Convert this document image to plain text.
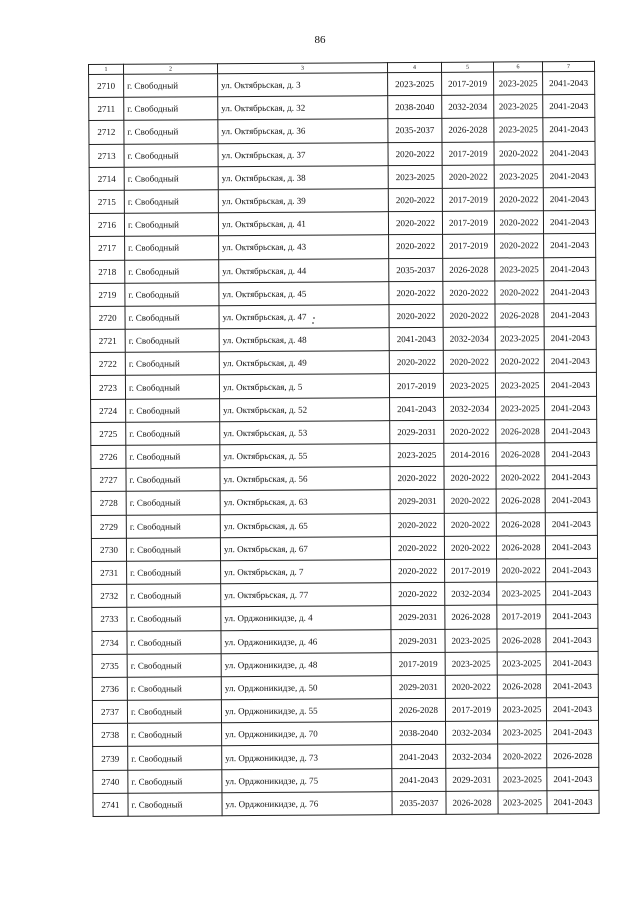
86
1	2	3	4	5	6	7
2710	г. Свободный	ул. Октябрьская, д. 3	2023-2025	2017-2019	2023-2025	2041-2043
2711	г. Свободный	ул. Октябрьская, д. 32	2038-2040	2032-2034	2023-2025	2041-2043
2712	г. Свободный	ул. Октябрьская, д. 36	2035-2037	2026-2028	2023-2025	2041-2043
2713	г. Свободный	ул. Октябрьская, д. 37	2020-2022	2017-2019	2020-2022	2041-2043
2714	г. Свободный	ул. Октябрьская, д. 38	2023-2025	2020-2022	2023-2025	2041-2043
2715	г. Свободный	ул. Октябрьская, д. 39	2020-2022	2017-2019	2020-2022	2041-2043
2716	г. Свободный	ул. Октябрьская, д. 41	2020-2022	2017-2019	2020-2022	2041-2043
2717	г. Свободный	ул. Октябрьская, д. 43	2020-2022	2017-2019	2020-2022	2041-2043
2718	г. Свободный	ул. Октябрьская, д. 44	2035-2037	2026-2028	2023-2025	2041-2043
2719	г. Свободный	ул. Октябрьская, д. 45	2020-2022	2020-2022	2020-2022	2041-2043
2720	г. Свободный	ул. Октябрьская, д. 47	2020-2022	2020-2022	2026-2028	2041-2043
2721	г. Свободный	ул. Октябрьская, д. 48	2041-2043	2032-2034	2023-2025	2041-2043
2722	г. Свободный	ул. Октябрьская, д. 49	2020-2022	2020-2022	2020-2022	2041-2043
2723	г. Свободный	ул. Октябрьская, д. 5	2017-2019	2023-2025	2023-2025	2041-2043
2724	г. Свободный	ул. Октябрьская, д. 52	2041-2043	2032-2034	2023-2025	2041-2043
2725	г. Свободный	ул. Октябрьская, д. 53	2029-2031	2020-2022	2026-2028	2041-2043
2726	г. Свободный	ул. Октябрьская, д. 55	2023-2025	2014-2016	2026-2028	2041-2043
2727	г. Свободный	ул. Октябрьская, д. 56	2020-2022	2020-2022	2020-2022	2041-2043
2728	г. Свободный	ул. Октябрьская, д. 63	2029-2031	2020-2022	2026-2028	2041-2043
2729	г. Свободный	ул. Октябрьская, д. 65	2020-2022	2020-2022	2026-2028	2041-2043
2730	г. Свободный	ул. Октябрьская, д. 67	2020-2022	2020-2022	2026-2028	2041-2043
2731	г. Свободный	ул. Октябрьская, д. 7	2020-2022	2017-2019	2020-2022	2041-2043
2732	г. Свободный	ул. Октябрьская, д. 77	2020-2022	2032-2034	2023-2025	2041-2043
2733	г. Свободный	ул. Орджоникидзе, д. 4	2029-2031	2026-2028	2017-2019	2041-2043
2734	г. Свободный	ул. Орджоникидзе, д. 46	2029-2031	2023-2025	2026-2028	2041-2043
2735	г. Свободный	ул. Орджоникидзе, д. 48	2017-2019	2023-2025	2023-2025	2041-2043
2736	г. Свободный	ул. Орджоникидзе, д. 50	2029-2031	2020-2022	2026-2028	2041-2043
2737	г. Свободный	ул. Орджоникидзе, д. 55	2026-2028	2017-2019	2023-2025	2041-2043
2738	г. Свободный	ул. Орджоникидзе, д. 70	2038-2040	2032-2034	2023-2025	2041-2043
2739	г. Свободный	ул. Орджоникидзе, д. 73	2041-2043	2032-2034	2020-2022	2026-2028
2740	г. Свободный	ул. Орджоникидзе, д. 75	2041-2043	2029-2031	2023-2025	2041-2043
2741	г. Свободный	ул. Орджоникидзе, д. 76	2035-2037	2026-2028	2023-2025	2041-2043
